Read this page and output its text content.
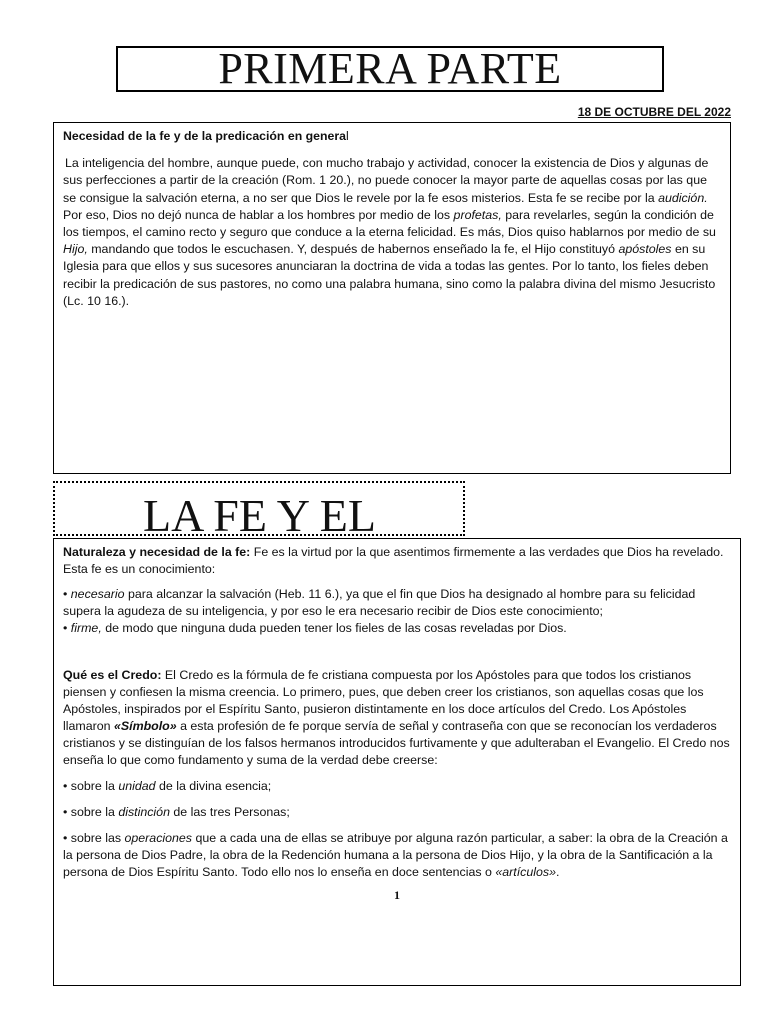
PRIMERA PARTE
18 DE OCTUBRE DEL 2022
Necesidad de la fe y de la predicación en general

La inteligencia del hombre, aunque puede, con mucho trabajo y actividad, conocer la existencia de Dios y algunas de sus perfecciones a partir de la creación (Rom. 1 20.), no puede conocer la mayor parte de aquellas cosas por las que se consigue la salvación eterna, a no ser que Dios le revele por la fe esos misterios. Esta fe se recibe por la audición. Por eso, Dios no dejó nunca de hablar a los hombres por medio de los profetas, para revelarles, según la condición de los tiempos, el camino recto y seguro que conduce a la eterna felicidad. Es más, Dios quiso hablarnos por medio de su Hijo, mandando que todos le escuchasen. Y, después de habernos enseñado la fe, el Hijo constituyó apóstoles en su Iglesia para que ellos y sus sucesores anunciaran la doctrina de vida a todas las gentes. Por lo tanto, los fieles deben recibir la predicación de sus pastores, no como una palabra humana, sino como la palabra divina del mismo Jesucristo (Lc. 10 16.).

LA FE Y EL

Naturaleza y necesidad de la fe: Fe es la virtud por la que asentimos firmemente a las verdades que Dios ha revelado. Esta fe es un conocimiento:

• necesario para alcanzar la salvación (Heb. 11 6.), ya que el fin que Dios ha designado al hombre para su felicidad supera la agudeza de su inteligencia, y por eso le era necesario recibir de Dios este conocimiento;

• firme, de modo que ninguna duda pueden tener los fieles de las cosas reveladas por Dios.

Qué es el Credo: El Credo es la fórmula de fe cristiana compuesta por los Apóstoles para que todos los cristianos piensen y confiesen la misma creencia. Lo primero, pues, que deben creer los cristianos, son aquellas cosas que los Apóstoles, inspirados por el Espíritu Santo, pusieron distintamente en los doce artículos del Credo. Los Apóstoles llamaron «Símbolo» a esta profesión de fe porque servía de señal y contraseña con que se reconocían los verdaderos cristianos y se distinguían de los falsos hermanos introducidos furtivamente y que adulteraban el Evangelio. El Credo nos enseña lo que como fundamento y suma de la verdad debe creerse:

• sobre la unidad de la divina esencia;

• sobre la distinción de las tres Personas;

• sobre las operaciones que a cada una de ellas se atribuye por alguna razón particular, a saber: la obra de la Creación a la persona de Dios Padre, la obra de la Redención humana a la persona de Dios Hijo, y la obra de la Santificación a la persona de Dios Espíritu Santo. Todo ello nos lo enseña en doce sentencias o «artículos».

1
